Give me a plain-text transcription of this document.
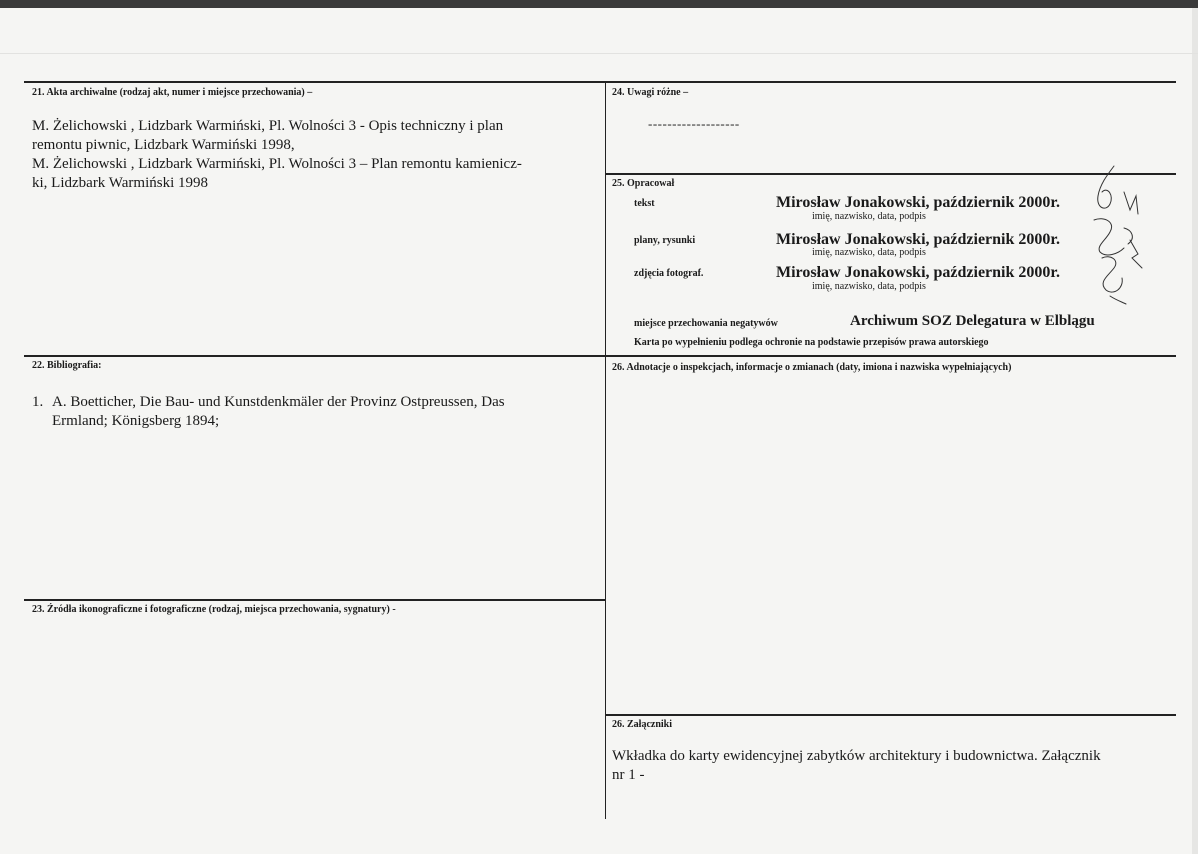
21. Akta archiwalne (rodzaj akt, numer i miejsce przechowania) –
M. Żelichowski , Lidzbark Warmiński, Pl. Wolności 3 - Opis techniczny i plan
remontu piwnic, Lidzbark Warmiński 1998,
M. Żelichowski , Lidzbark Warmiński, Pl. Wolności 3 – Plan remontu kamienicz-
ki, Lidzbark Warmiński 1998
24. Uwagi różne –
-------------------
25. Opracował
tekst	Mirosław Jonakowski, październik 2000r.
imię, nazwisko, data, podpis
plany, rysunki	Mirosław Jonakowski, październik 2000r.
imię, nazwisko, data, podpis
zdjęcia fotograf.	Mirosław Jonakowski, październik 2000r.
imię, nazwisko, data, podpis
miejsce przechowania negatywów	Archiwum SOZ Delegatura w Elblągu
Karta po wypełnieniu podlega ochronie na podstawie przepisów prawa autorskiego
22. Bibliografia:
1. A. Boetticher, Die Bau- und Kunstdenkmäler der Provinz Ostpreussen, Das
Ermland; Königsberg 1894;
26. Adnotacje o inspekcjach, informacje o zmianach (daty, imiona i nazwiska wypełniających)
23. Źródła ikonograficzne i fotograficzne (rodzaj, miejsca przechowania, sygnatury) -
26. Załączniki
Wkładka do karty ewidencyjnej zabytków architektury i budownictwa. Załącznik
nr 1 -
